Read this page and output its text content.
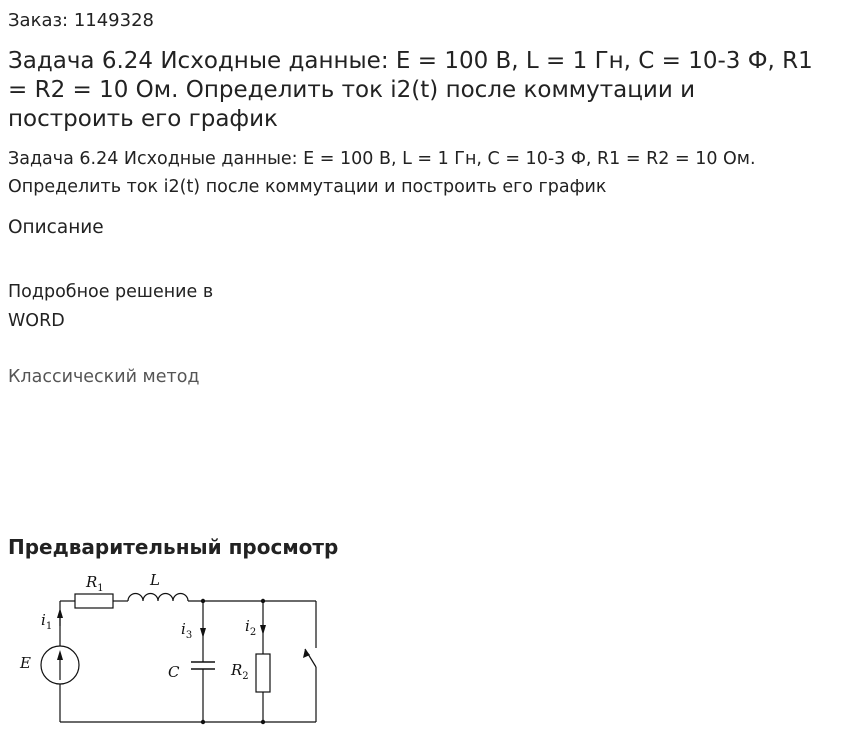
Заказ: 1149328
Задача 6.24 Исходные данные: Е = 100 В, L = 1 Гн, С = 10-3 Ф, R1 = R2 = 10 Ом. Определить ток i2(t) после коммутации и построить его график
Задача 6.24 Исходные данные: Е = 100 В, L = 1 Гн, С = 10-3 Ф, R1 = R2 = 10 Ом. Определить ток i2(t) после коммутации и построить его график
Описание
Подробное решение в WORD
Классический метод
Предварительный просмотр
$R_1$	L
$i_1$
E
$i_3$
C
$i_2$
$R_2$
